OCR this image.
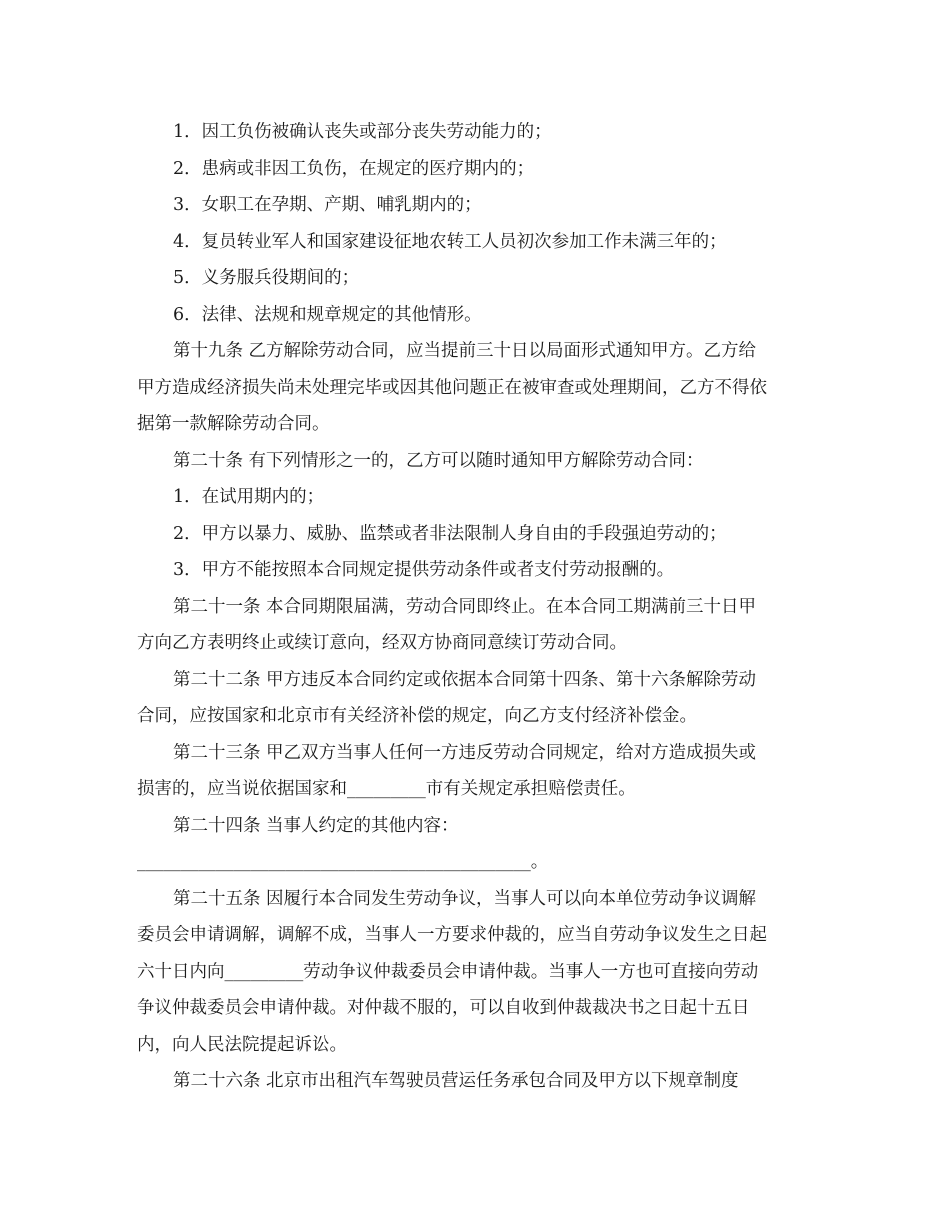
1．因工负伤被确认丧失或部分丧失劳动能力的；
2．患病或非因工负伤，在规定的医疗期内的；
3．女职工在孕期、产期、哺乳期内的；
4．复员转业军人和国家建设征地农转工人员初次参加工作未满三年的；
5．义务服兵役期间的；
6．法律、法规和规章规定的其他情形。
第十九条 乙方解除劳动合同，应当提前三十日以局面形式通知甲方。乙方给
甲方造成经济损失尚未处理完毕或因其他问题正在被审查或处理期间，乙方不得依
据第一款解除劳动合同。
第二十条 有下列情形之一的，乙方可以随时通知甲方解除劳动合同：
1．在试用期内的；
2．甲方以暴力、威胁、监禁或者非法限制人身自由的手段强迫劳动的；
3．甲方不能按照本合同规定提供劳动条件或者支付劳动报酬的。
第二十一条 本合同期限届满，劳动合同即终止。在本合同工期满前三十日甲
方向乙方表明终止或续订意向，经双方协商同意续订劳动合同。
第二十二条 甲方违反本合同约定或依据本合同第十四条、第十六条解除劳动
合同，应按国家和北京市有关经济补偿的规定，向乙方支付经济补偿金。
第二十三条 甲乙双方当事人任何一方违反劳动合同规定，给对方造成损失或
损害的，应当说依据国家和_________市有关规定承担赔偿责任。
第二十四条 当事人约定的其他内容：
_____________________________________________。
第二十五条 因履行本合同发生劳动争议，当事人可以向本单位劳动争议调解
委员会申请调解，调解不成，当事人一方要求仲裁的，应当自劳动争议发生之日起
六十日内向_________劳动争议仲裁委员会申请仲裁。当事人一方也可直接向劳动
争议仲裁委员会申请仲裁。对仲裁不服的，可以自收到仲裁裁决书之日起十五日
内，向人民法院提起诉讼。
第二十六条 北京市出租汽车驾驶员营运任务承包合同及甲方以下规章制度
